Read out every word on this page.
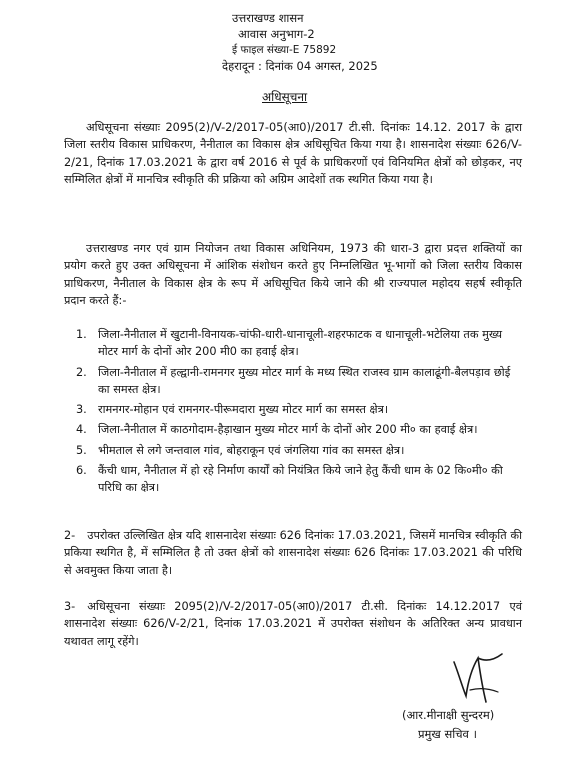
उत्तराखण्ड शासन
आवास अनुभाग-2
ई फाइल संख्या-E 75892
देहरादून : दिनांक 04 अगस्त, 2025
अधिसूचना

अधिसूचना संख्याः 2095(2)/V-2/2017-05(आ0)/2017 टी.सी. दिनांकः 14.12. 2017 के द्वारा जिला स्तरीय विकास प्राधिकरण, नैनीताल का विकास क्षेत्र अधिसूचित किया गया है। शासनादेश संख्याः 626/V-2/21, दिनांक 17.03.2021 के द्वारा वर्ष 2016 से पूर्व के प्राधिकरणों एवं विनियमित क्षेत्रों को छोड़कर, नए सम्मिलित क्षेत्रों में मानचित्र स्वीकृति की प्रक्रिया को अग्रिम आदेशों तक स्थगित किया गया है।

उत्तराखण्ड नगर एवं ग्राम नियोजन तथा विकास अधिनियम, 1973 की धारा-3 द्वारा प्रदत्त शक्तियों का प्रयोग करते हुए उक्त अधिसूचना में आंशिक संशोधन करते हुए निम्नलिखित भू-भागों को जिला स्तरीय विकास प्राधिकरण, नैनीताल के विकास क्षेत्र के रूप में अधिसूचित किये जाने की श्री राज्यपाल महोदय सहर्ष स्वीकृति प्रदान करते हैं:-

1. जिला-नैनीताल में खुटानी-विनायक-चांफी-धारी-धानाचूली-शहरफाटक व धानाचूली-भटेलिया तक मुख्य मोटर मार्ग के दोनों ओर 200 मी0 का हवाई क्षेत्र।
2. जिला-नैनीताल में हल्द्वानी-रामनगर मुख्य मोटर मार्ग के मध्य स्थित राजस्व ग्राम कालाढूंगी-बैलपड़ाव छोई का समस्त क्षेत्र।
3. रामनगर-मोहान एवं रामनगर-पीरूमदारा मुख्य मोटर मार्ग का समस्त क्षेत्र।
4. जिला-नैनीताल में काठगोदाम-हैड़ाखान मुख्य मोटर मार्ग के दोनों ओर 200 मी० का हवाई क्षेत्र।
5. भीमताल से लगे जन्तवाल गांव, बोहराकून एवं जंगलिया गांव का समस्त क्षेत्र।
6. कैंची धाम, नैनीताल में हो रहे निर्माण कार्यों को नियंत्रित किये जाने हेतु कैंची धाम के 02 कि०मी० की परिधि का क्षेत्र।

2- उपरोक्त उल्लिखित क्षेत्र यदि शासनादेश संख्याः 626 दिनांकः 17.03.2021, जिसमें मानचित्र स्वीकृति की प्रकिया स्थगित है, में सम्मिलित है तो उक्त क्षेत्रों को शासनादेश संख्याः 626 दिनांकः 17.03.2021 की परिधि से अवमुक्त किया जाता है।

3- अधिसूचना संख्याः 2095(2)/V-2/2017-05(आ0)/2017 टी.सी. दिनांकः 14.12.2017 एवं शासनादेश संख्याः 626/V-2/21, दिनांक 17.03.2021 में उपरोक्त संशोधन के अतिरिक्त अन्य प्रावधान यथावत लागू रहेंगे।

(आर.मीनाक्षी सुन्दरम)
प्रमुख सचिव ।
